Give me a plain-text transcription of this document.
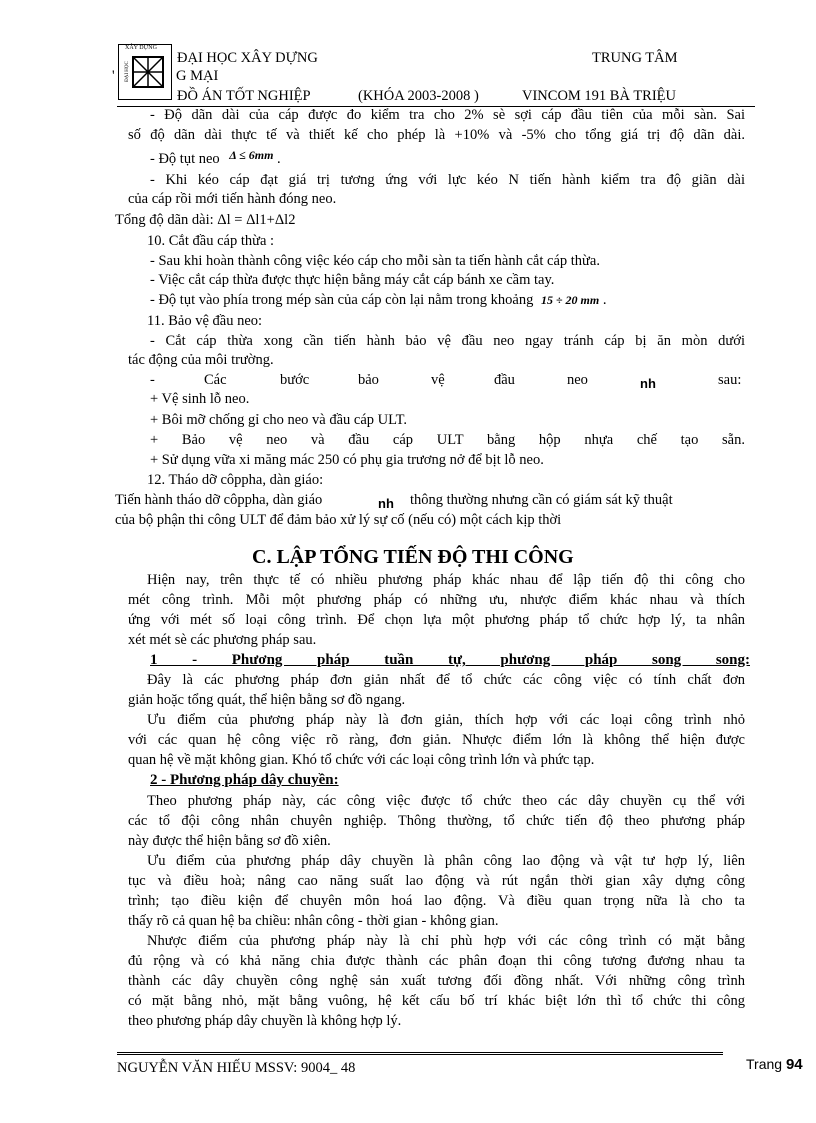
XÂY DỰNG
ĐẠI HỌC
ĐẠI HỌC XÂY DỰNG	TRUNG TÂM
'	G MẠI
ĐỒ ÁN TỐT NGHIỆP	(KHÓA 2003-2008 )	VINCOM 191 BÀ TRIỆU
- Độ dãn dài của cáp được đo kiểm tra cho 2% sè sợi cáp đầu tiên của mỗi sàn. Sai
số độ dãn dài thực tế và thiết kế cho phép là +10% và -5% cho tổng giá trị độ dãn dài.
- Độ tụt neo $^{\Delta \le 6mm}$ .
- Khi kéo cáp đạt giá trị tương ứng với lực kéo N tiến hành kiểm tra độ giãn dài
của cáp rồi mới tiến hành đóng neo.
Tổng độ dãn dài: Δl = Δl1+Δl2
10. Cắt đầu cáp thừa :
- Sau khi hoàn thành công việc kéo cáp cho mỗi sàn ta tiến hành cắt cáp thừa.
- Việc cắt cáp thừa được thực hiện bằng máy cắt cáp bánh xe cầm tay.
- Độ tụt vào phía trong mép sàn của cáp còn lại nằm trong khoảng 15 ÷ 20 mm .
11. Bảo vệ đầu neo:
- Cắt cáp thừa xong cần tiến hành bảo vệ đầu neo ngay tránh cáp bị ăn mòn dưới
tác động của môi trường.
-	Các	bước	bảo	vệ	đầu	neo	nh	sau:
+ Vệ sinh lỗ neo.
+ Bôi mỡ chống gỉ cho neo và đầu cáp ULT.
+ Bảo vệ neo và đầu cáp ULT bằng hộp nhựa chế tạo sẵn.
+ Sử dụng vữa xi măng mác 250 có phụ gia trương nở để bịt lỗ neo.
12. Tháo dỡ côppha, dàn giáo:
Tiến hành tháo dỡ côppha, dàn giáo	nh thông thường nhưng cần có giám sát kỹ thuật
của bộ phận thi công ULT để đảm bảo xử lý sự cố (nếu có) một cách kịp thời
C. LẬP TỔNG TIẾN ĐỘ THI CÔNG
Hiện nay, trên thực tế có nhiều phương pháp khác nhau để lập tiến độ thi công cho
mét công trình. Mỗi một phương pháp có những ưu, nhược điểm khác nhau và thích
ứng với mét số loại công trình. Để chọn lựa một phương pháp tổ chức hợp lý, ta nhân
xét mét sè các phương pháp sau.
1 - Phương pháp tuần tự, phương pháp song song:
Đây là các phương pháp đơn giản nhất để tổ chức các công việc có tính chất đơn
giản hoặc tổng quát, thể hiện bằng sơ đồ ngang.
Ưu điểm của phương pháp này là đơn giản, thích hợp với các loại công trình nhỏ
với các quan hệ công việc rõ ràng, đơn giản. Nhược điểm lớn là không thể hiện được
quan hệ về mặt không gian. Khó tổ chức với các loại công trình lớn và phức tạp.
2 - Phương pháp dây chuyền:
Theo phương pháp này, các công việc được tổ chức theo các dây chuyền cụ thể với
các tổ đội công nhân chuyên nghiệp. Thông thường, tổ chức tiến độ theo phương pháp
này được thể hiện bằng sơ đồ xiên.
Ưu điểm của phương pháp dây chuyền là phân công lao động và vật tư hợp lý, liên
tục và điều hoà; nâng cao năng suất lao động và rút ngắn thời gian xây dựng công
trình; tạo điều kiện để chuyên môn hoá lao động. Và điều quan trọng nữa là cho ta
thấy rõ cả quan hệ ba chiều: nhân công - thời gian - không gian.
Nhược điểm của phương pháp này là chỉ phù hợp với các công trình có mặt bằng
đủ rộng và có khả năng chia được thành các phân đoạn thi công tương đương nhau ta
thành các dây chuyền công nghệ sản xuất tương đối đồng nhất. Với những công trình
có mặt bằng nhỏ, mặt bằng vuông, hệ kết cấu bố trí khác biệt lớn thì tổ chức thi công
theo phương pháp dây chuyền là không hợp lý.
NGUYỄN VĂN HIẾU MSSV: 9004_ 48	Trang 94
